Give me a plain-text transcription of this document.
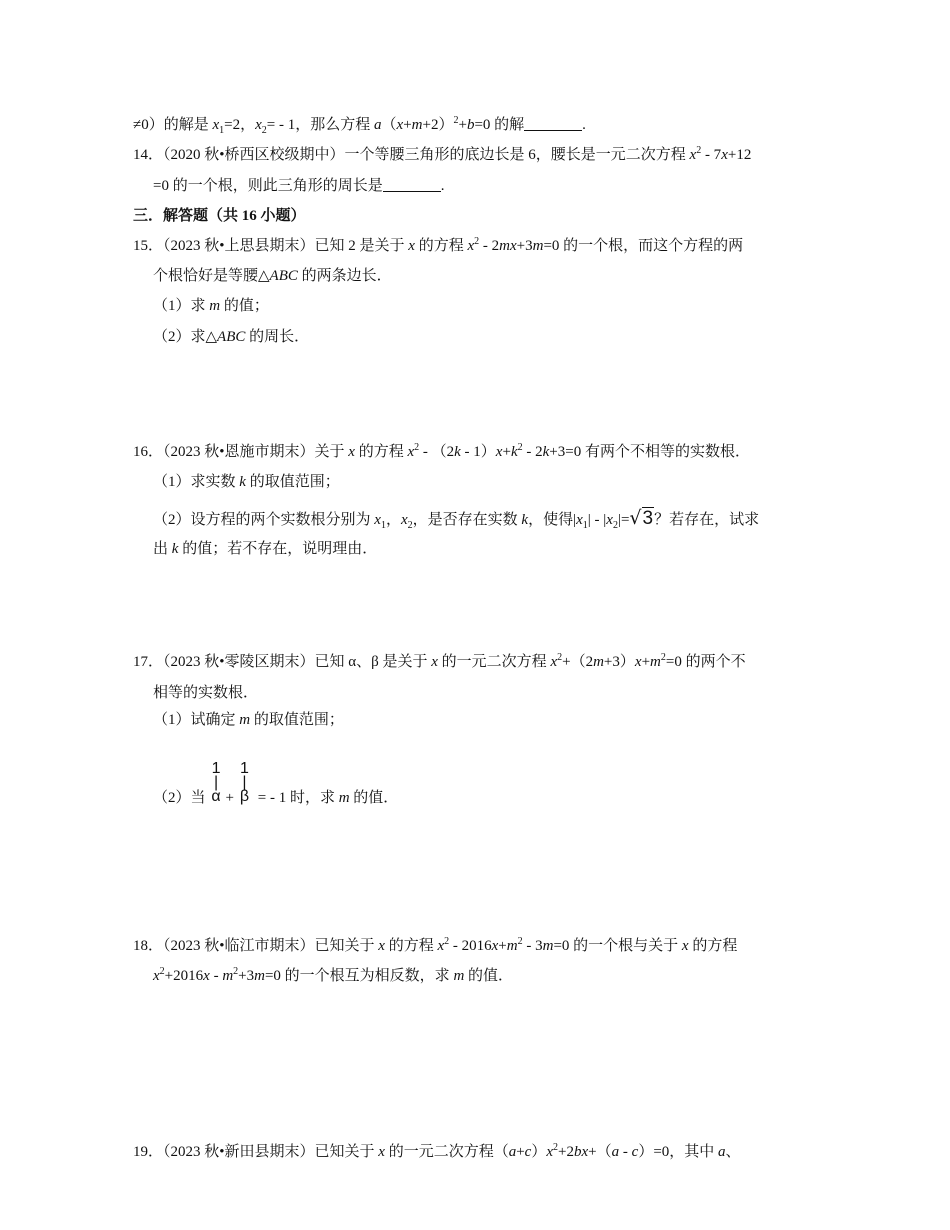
≠0）的解是 $x_1=2$，$x_2= - 1$，那么方程 $a(x+m+2)^2+b=0$ 的解	.
14．（2020 秋•桥西区校级期中）一个等腰三角形的底边长是 6，腰长是一元二次方程 $x^2 - 7x+12$
=0 的一个根，则此三角形的周长是	.
三．解答题（共 16 小题）
15．（2023 秋•上思县期末）已知 2 是关于 x 的方程 $x^2 - 2mx+3m=0$ 的一个根，而这个方程的两
个根恰好是等腰△ABC 的两条边长．
（1）求 m 的值；
（2）求△ABC 的周长．
16．（2023 秋•恩施市期末）关于 x 的方程 $x^2 - (2k - 1)x+k^2 - 2k+3=0$ 有两个不相等的实数根．
（1）求实数 k 的取值范围；
（2）设方程的两个实数根分别为 $x_1$，$x_2$，是否存在实数 k，使得$|x_1| - |x_2|=√3$？若存在，试求
出 k 的值；若不存在，说明理由．
17．（2023 秋•零陵区期末）已知 α、β 是关于 x 的一元二次方程 $x^2+(2m+3)x+m^2=0$ 的两个不
相等的实数根．
（1）试确定 m 的取值范围；
（2）当 1|α+ 1|β = - 1 时，求 m 的值．
18．（2023 秋•临江市期末）已知关于 x 的方程 $x^2 - 2016x+m^2 - 3m=0$ 的一个根与关于 x 的方程
$x^2+2016x - m^2+3m=0$ 的一个根互为相反数，求 m 的值．
19．（2023 秋•新田县期末）已知关于 x 的一元二次方程$(a+c)x^2+2bx+(a - c)=0$，其中 a、
